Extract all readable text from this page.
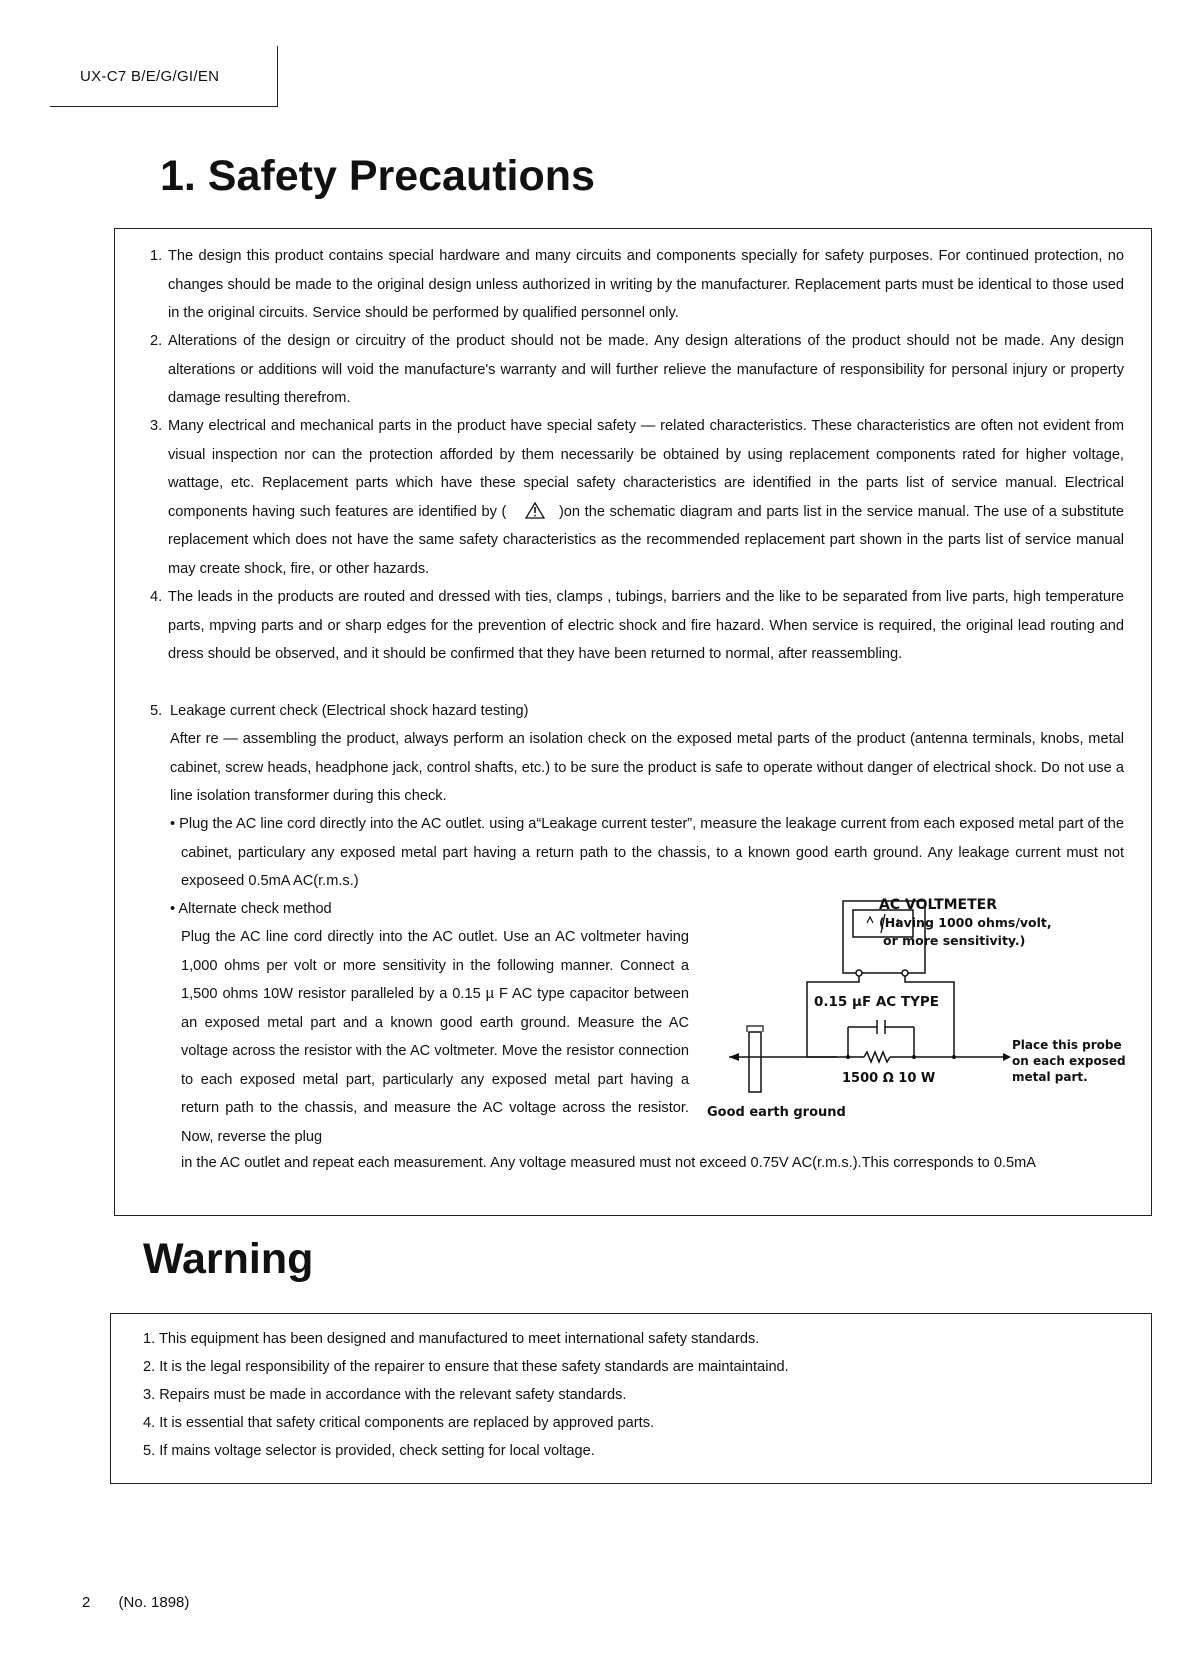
UX-C7 B/E/G/GI/EN
1. Safety Precautions
1. The design this product contains special hardware and many circuits and components specially for safety purposes. For continued protection, no changes should be made to the original design unless authorized in writing by the manufacturer. Replacement parts must be identical to those used in the original circuits. Service should be performed by qualified personnel only.

2. Alterations of the design or circuitry of the product should not be made. Any design alterations of the product should not be made. Any design alterations or additions will void the manufacture's warranty and will further relieve the manufacture of responsibility for personal injury or property damage resulting therefrom.

3. Many electrical and mechanical parts in the product have special safety — related characteristics. These characteristics are often not evident from visual inspection nor can the protection afforded by them necessarily be obtained by using replacement components rated for higher voltage, wattage, etc. Replacement parts which have these special safety characteristics are identified in the parts list of service manual. Electrical components having such features are identified by (	)on the schematic diagram and parts list in the service manual. The use of a substitute replacement which does not have the same safety characteristics as the recommended replacement part shown in the parts list of service manual may create shock, fire, or other hazards.

4. The leads in the products are routed and dressed with ties, clamps , tubings, barriers and the like to be separated from live parts, high temperature parts, mpving parts and or sharp edges for the prevention of electric shock and fire hazard. When service is required, the original lead routing and dress should be observed, and it should be confirmed that they have been returned to normal, after reassembling.

5. Leakage current check (Electrical shock hazard testing)

After re — assembling the product, always perform an isolation check on the exposed metal parts of the product (antenna terminals, knobs, metal cabinet, screw heads, headphone jack, control shafts, etc.) to be sure the product is safe to operate without danger of electrical shock. Do not use a line isolation transformer during this check.

• Plug the AC line cord directly into the AC outlet. using a“Leakage current tester”, measure the leakage current from each exposed metal part of the cabinet, particulary any exposed metal part having a return path to the chassis, to a known good earth ground. Any leakage current must not exposeed 0.5mA AC(r.m.s.)

• Alternate check method

Plug the AC line cord directly into the AC outlet. Use an AC voltmeter having 1,000 ohms per volt or more sensitivity in the following manner. Connect a 1,500 ohms 10W resistor paralleled by a 0.15 µ F AC type capacitor between an exposed metal part and a known good earth ground. Measure the AC voltage across the resistor with the AC voltmeter. Move the resistor connection to each exposed metal part, particularly any exposed metal part having a return path to the chassis, and measure the AC voltage across the resistor. Now, reverse the plug

in the AC outlet and repeat each measurement. Any voltage measured must not exceed 0.75V AC(r.m.s.).This corresponds to 0.5mA

AC VOLTMETER
(Having 1000 ohms/volt,
or more sensitivity.)
0.15 µF AC TYPE
1500 Ω 10 W
Place this probe
on each exposed
metal part.
Good earth ground
Warning
1. This equipment has been designed and manufactured to meet international safety standards.
2. It is the legal responsibility of the repairer to ensure that these safety standards are maintaintaind.
3. Repairs must be made in accordance with the relevant safety standards.
4. It is essential that safety critical components are replaced by approved parts.
5. If mains voltage selector is provided, check setting for local voltage.
2 (No. 1898)
